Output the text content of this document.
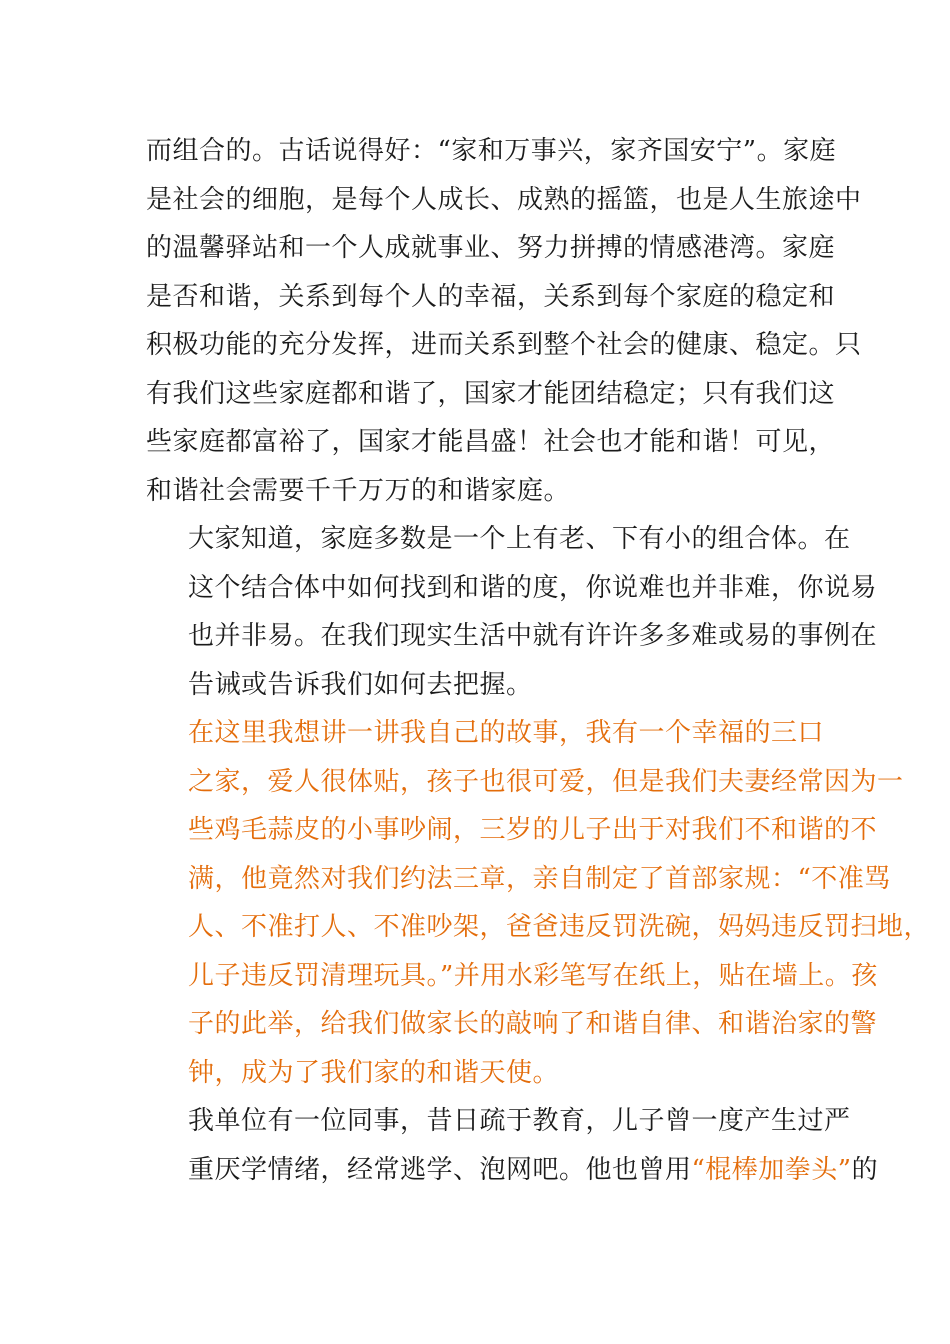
而组合的。古话说得好：“家和万事兴，家齐国安宁”。家庭
是社会的细胞，是每个人成长、成熟的摇篮，也是人生旅途中
的温馨驿站和一个人成就事业、努力拼搏的情感港湾。家庭
是否和谐，关系到每个人的幸福，关系到每个家庭的稳定和
积极功能的充分发挥，进而关系到整个社会的健康、稳定。只
有我们这些家庭都和谐了，国家才能团结稳定；只有我们这
些家庭都富裕了，国家才能昌盛！社会也才能和谐！可见，
和谐社会需要千千万万的和谐家庭。

大家知道，家庭多数是一个上有老、下有小的组合体。在
这个结合体中如何找到和谐的度，你说难也并非难，你说易
也并非易。在我们现实生活中就有许许多多难或易的事例在
告诫或告诉我们如何去把握。

在这里我想讲一讲我自己的故事，我有一个幸福的三口
之家，爱人很体贴，孩子也很可爱，但是我们夫妻经常因为一
些鸡毛蒜皮的小事吵闹，三岁的儿子出于对我们不和谐的不
满，他竟然对我们约法三章，亲自制定了首部家规：“不准骂
人、不准打人、不准吵架，爸爸违反罚洗碗，妈妈违反罚扫地，
儿子违反罚清理玩具。”并用水彩笔写在纸上，贴在墙上。孩
子的此举，给我们做家长的敲响了和谐自律、和谐治家的警
钟，成为了我们家的和谐天使。

我单位有一位同事，昔日疏于教育，儿子曾一度产生过严
重厌学情绪，经常逃学、泡网吧。他也曾用“棍棒加拳头”的
